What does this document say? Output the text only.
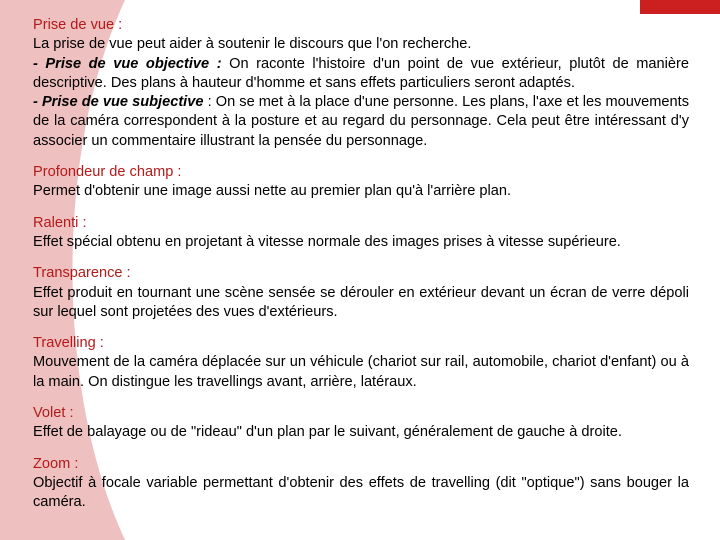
Prise de vue :
La prise de vue peut aider à soutenir le discours que l'on recherche.
- Prise de vue objective : On raconte l'histoire d'un point de vue extérieur, plutôt de manière descriptive. Des plans à hauteur d'homme et sans effets particuliers seront adaptés.
- Prise de vue subjective : On se met à la place d'une personne. Les plans, l'axe et les mouvements de la caméra correspondent à la posture et au regard du personnage. Cela peut être intéressant d'y associer un commentaire illustrant la pensée du personnage.
Profondeur de champ :
Permet d'obtenir une image aussi nette au premier plan qu'à l'arrière plan.
Ralenti :
Effet spécial obtenu en projetant à vitesse normale des images prises à vitesse supérieure.
Transparence :
Effet produit en tournant une scène sensée se dérouler en extérieur devant un écran de verre dépoli sur lequel sont projetées des vues d'extérieurs.
Travelling :
Mouvement de la caméra déplacée sur un véhicule (chariot sur rail, automobile, chariot d'enfant) ou à la main. On distingue les travellings avant, arrière, latéraux.
Volet :
Effet de balayage ou de "rideau" d'un plan par le suivant, généralement de gauche à droite.
Zoom :
Objectif à focale variable permettant d'obtenir des effets de travelling (dit "optique") sans bouger la caméra.
